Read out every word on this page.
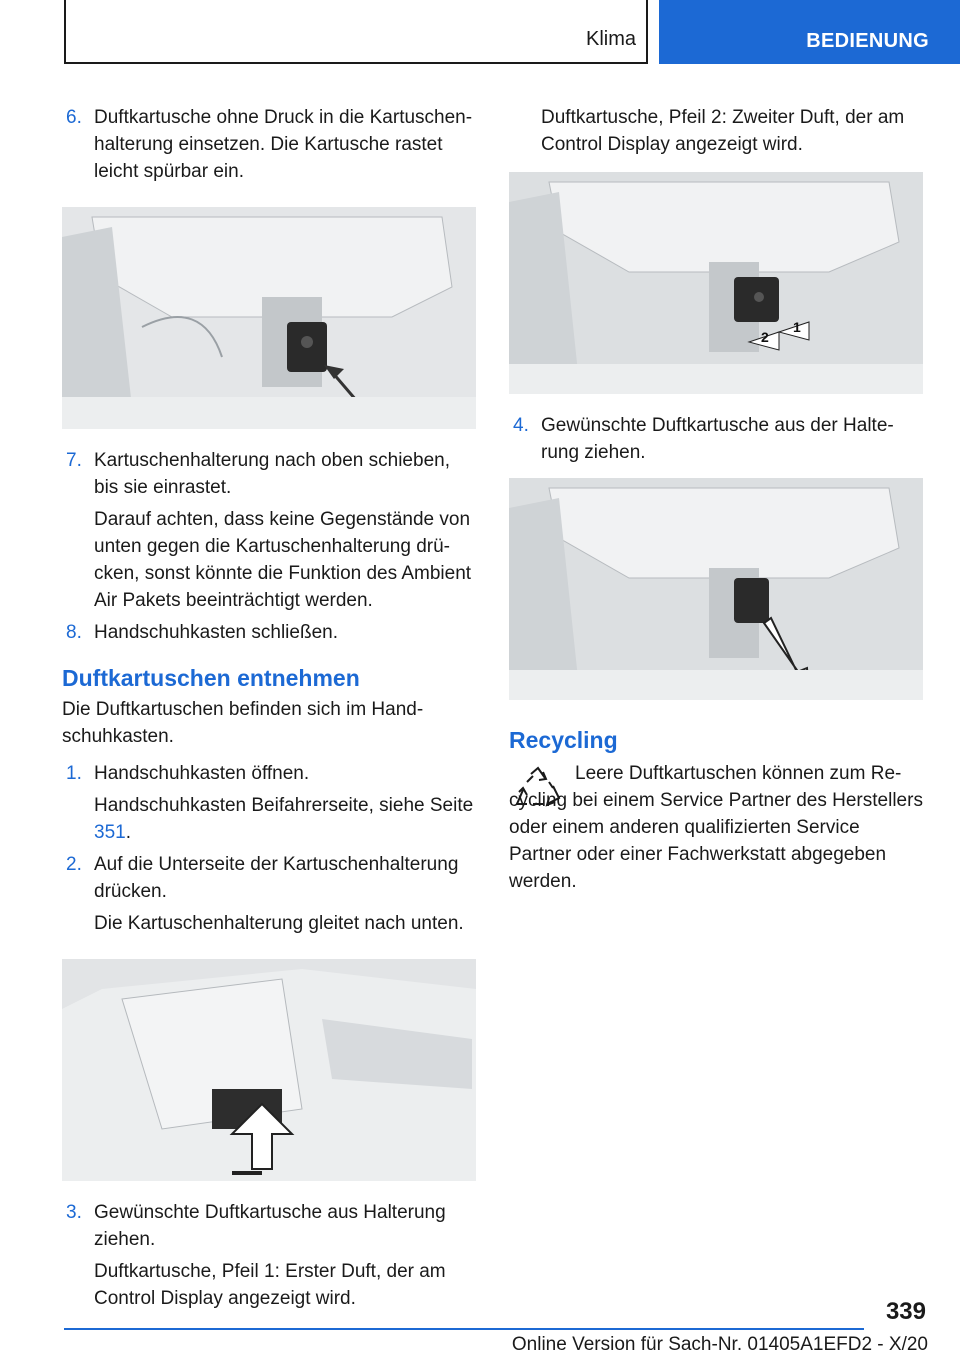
Klima	BEDIENUNG
6. Duftkartusche ohne Druck in die Kartuschenhalterung einsetzen. Die Kartusche rastet leicht spürbar ein.
7. Kartuschenhalterung nach oben schieben, bis sie einrastet.
Darauf achten, dass keine Gegenstände von unten gegen die Kartuschenhalterung drücken, sonst könnte die Funktion des Ambient Air Pakets beeinträchtigt werden.
8. Handschuhkasten schließen.
Duftkartuschen entnehmen

Die Duftkartuschen befinden sich im Handschuhkasten.

1. Handschuhkasten öffnen.
Handschuhkasten Beifahrerseite, siehe Seite 351.
2. Auf die Unterseite der Kartuschenhalterung drücken.
Die Kartuschenhalterung gleitet nach unten.
3. Gewünschte Duftkartusche aus Halterung ziehen.
Duftkartusche, Pfeil 1: Erster Duft, der am Control Display angezeigt wird.
Duftkartusche, Pfeil 2: Zweiter Duft, der am Control Display angezeigt wird.
2
1
4. Gewünschte Duftkartusche aus der Halterung ziehen.
Recycling

Leere Duftkartuschen können zum Recycling bei einem Service Partner des Herstellers oder einem anderen qualifizierten Service Partner oder einer Fachwerkstatt abgegeben werden.

339
Online Version für Sach-Nr. 01405A1EFD2 - X/20
